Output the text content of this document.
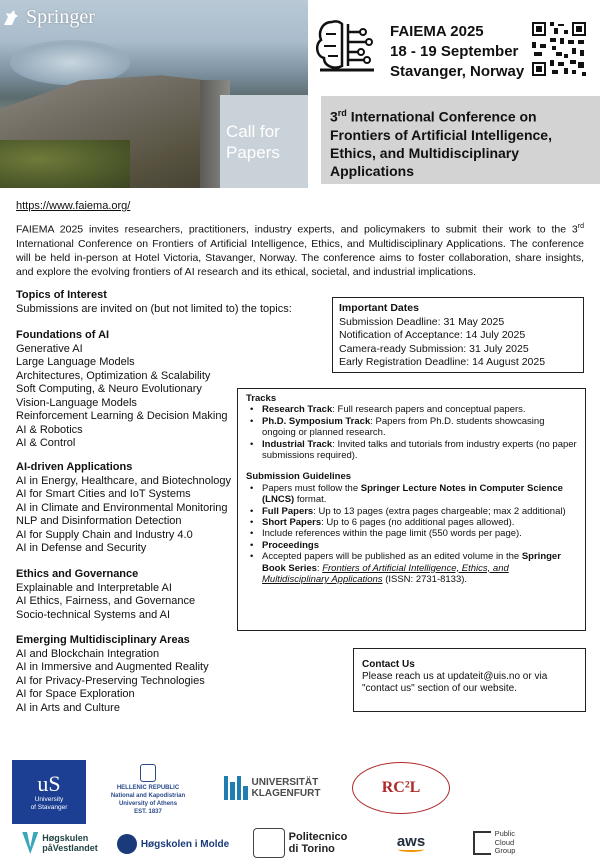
Springer
Call for
Papers
FAIEMA 2025
18 - 19 September
Stavanger, Norway
3rd International Conference on Frontiers of Artificial Intelligence, Ethics, and Multidisciplinary Applications
https://www.faiema.org/

FAIEMA 2025 invites researchers, practitioners, industry experts, and policymakers to submit their work to the 3rd International Conference on Frontiers of Artificial Intelligence, Ethics, and Multidisciplinary Applications. The conference will be held in-person at Hotel Victoria, Stavanger, Norway. The conference aims to foster collaboration, share insights, and explore the evolving frontiers of AI research and its ethical, societal, and industrial implications.

Topics of Interest
Submissions are invited on (but not limited to) the topics:
Foundations of AI
Generative AI
Large Language Models
Architectures, Optimization & Scalability
Soft Computing, & Neuro Evolutionary
Vision-Language Models
Reinforcement Learning & Decision Making
AI & Robotics
AI & Control
AI-driven Applications
AI in Energy, Healthcare, and Biotechnology
AI for Smart Cities and IoT Systems
AI in Climate and Environmental Monitoring
NLP and Disinformation Detection
AI for Supply Chain and Industry 4.0
AI in Defense and Security
Ethics and Governance
Explainable and Interpretable AI
AI Ethics, Fairness, and Governance
Socio-technical Systems and AI
Emerging Multidisciplinary Areas
AI and Blockchain Integration
AI in Immersive and Augmented Reality
AI for Privacy-Preserving Technologies
AI for Space Exploration
AI in Arts and Culture
Important Dates
Submission Deadline: 31 May 2025
Notification of Acceptance: 14 July 2025
Camera-ready Submission: 31 July 2025
Early Registration Deadline: 14 August 2025
Tracks
• Research Track: Full research papers and conceptual papers.
• Ph.D. Symposium Track: Papers from Ph.D. students showcasing ongoing or planned research.
• Industrial Track: Invited talks and tutorials from industry experts (no paper submissions required).
Submission Guidelines
• Papers must follow the Springer Lecture Notes in Computer Science (LNCS) format.
• Full Papers: Up to 13 pages (extra pages chargeable; max 2 additional)
• Short Papers: Up to 6 pages (no additional pages allowed).
• Include references within the page limit (550 words per page).
• Proceedings
• Accepted papers will be published as an edited volume in the Springer Book Series: Frontiers of Artificial Intelligence, Ethics, and Multidisciplinary Applications (ISSN: 2731-8133).
Contact Us
Please reach us at updateit@uis.no or via
"contact us" section of our website.
uS
University
of Stavanger
HELLENIC REPUBLIC
National and Kapodistrian
University of Athens
EST. 1837
UNIVERSITÄT
KLAGENFURT	RC²L
Høgskulen
påVestlandet	Høgskolen i Molde
Politecnico
di Torino	aws	Public
Cloud
Group
